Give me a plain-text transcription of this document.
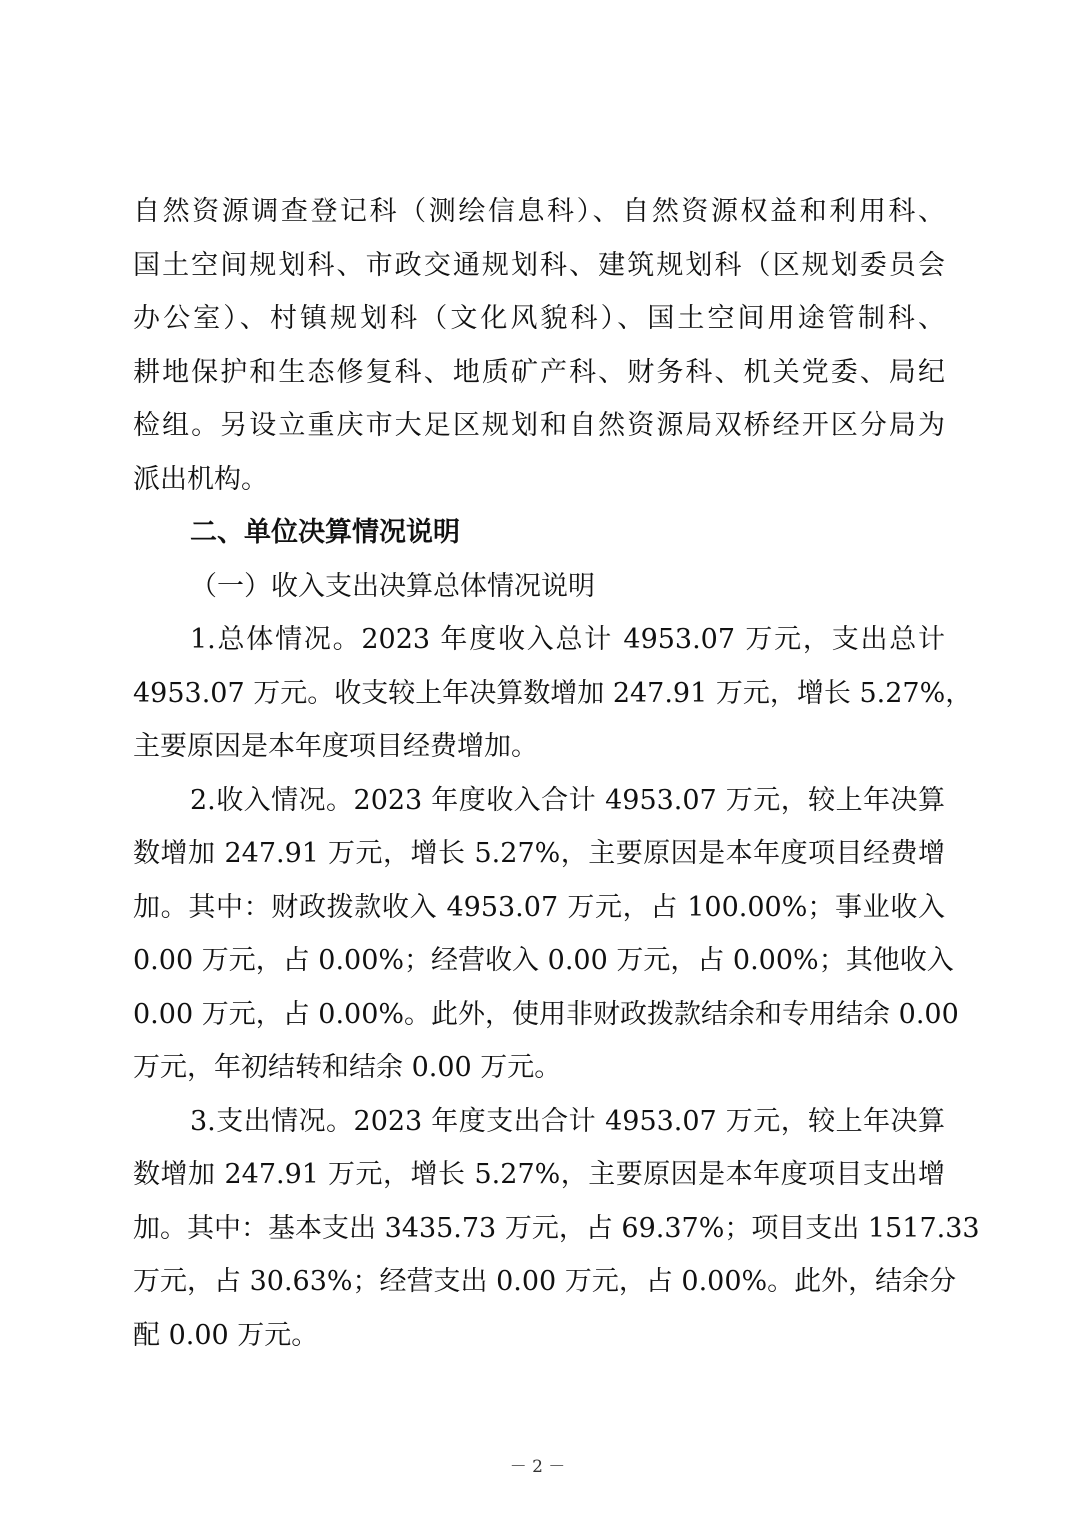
自然资源调查登记科（测绘信息科）、自然资源权益和利用科、
国土空间规划科、市政交通规划科、建筑规划科（区规划委员会
办公室）、村镇规划科（文化风貌科）、国土空间用途管制科、
耕地保护和生态修复科、地质矿产科、财务科、机关党委、局纪
检组。另设立重庆市大足区规划和自然资源局双桥经开区分局为
派出机构。
二、单位决算情况说明
（一）收入支出决算总体情况说明
1.总体情况。2023 年度收入总计 4953.07 万元，支出总计
4953.07 万元。收支较上年决算数增加 247.91 万元，增长 5.27%，
主要原因是本年度项目经费增加。
2.收入情况。2023 年度收入合计 4953.07 万元，较上年决算
数增加 247.91 万元，增长 5.27%，主要原因是本年度项目经费增
加。其中：财政拨款收入 4953.07 万元，占 100.00%；事业收入
0.00 万元，占 0.00%；经营收入 0.00 万元，占 0.00%；其他收入
0.00 万元，占 0.00%。此外，使用非财政拨款结余和专用结余 0.00
万元，年初结转和结余 0.00 万元。
3.支出情况。2023 年度支出合计 4953.07 万元，较上年决算
数增加 247.91 万元，增长 5.27%，主要原因是本年度项目支出增
加。其中：基本支出 3435.73 万元，占 69.37%；项目支出 1517.33
万元，占 30.63%；经营支出 0.00 万元，占 0.00%。此外，结余分
配 0.00 万元。
－ 2 －
